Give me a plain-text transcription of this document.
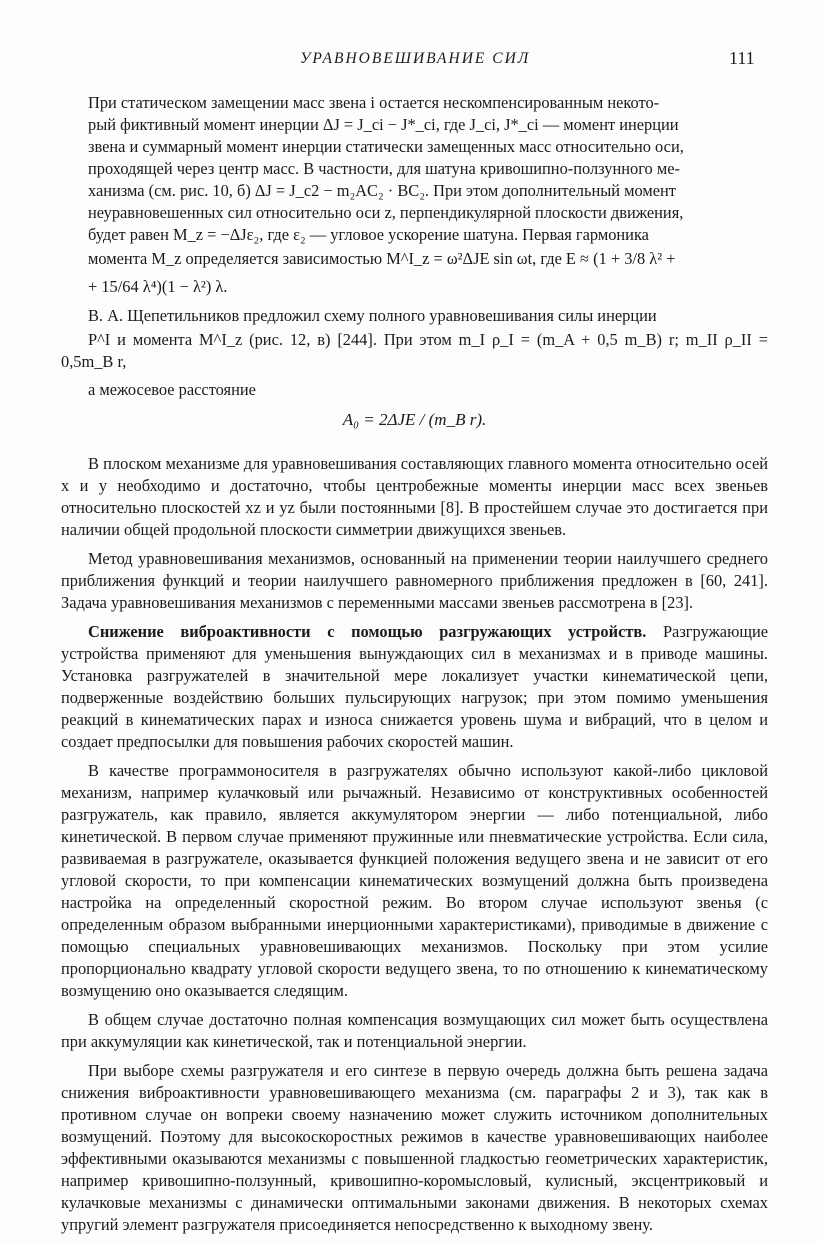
УРАВНОВЕШИВАНИЕ СИЛ	111

При статическом замещении масс звена i остается нескомпенсированным некото-
рый фиктивный момент инерции ΔJ = J_ci − J*_ci, где J_ci, J*_ci — момент инерции
звена и суммарный момент инерции статически замещенных масс относительно оси,
проходящей через центр масс. В частности, для шатуна кривошипно-ползунного ме-
ханизма (см. рис. 10, б) ΔJ = J_c2 − m₂AC₂ · BC₂. При этом дополнительный момент
неуравновешенных сил относительно оси z, перпендикулярной плоскости движения,
будет равен M_z = −ΔJε₂, где ε₂ — угловое ускорение шатуна. Первая гармоника
момента M_z определяется зависимостью M^I_z = ω²ΔJE sin ωt, где E ≈ (1 + 3/8 λ² +
+ 15/64 λ⁴)(1 − λ²) λ.

В. А. Щепетильников предложил схему полного уравновешивания силы инерции
P^I и момента M^I_z (рис. 12, в) [244]. При этом m_I ρ_I = (m_A + 0,5 m_B) r; m_II ρ_II = 0,5m_B r,
а межосевое расстояние

A₀ = 2ΔJE / (m_B r).

В плоском механизме для уравновешивания составляющих главного момента относительно осей x и y необходимо и достаточно, чтобы центробежные моменты инерции масс всех звеньев относительно плоскостей xz и yz были постоянными [8]. В простейшем случае это достигается при наличии общей продольной плоскости симметрии движущихся звеньев.

Метод уравновешивания механизмов, основанный на применении теории наилучшего среднего приближения функций и теории наилучшего равномерного приближения предложен в [60, 241]. Задача уравновешивания механизмов с переменными массами звеньев рассмотрена в [23].

Снижение виброактивности с помощью разгружающих устройств. Разгружающие устройства применяют для уменьшения вынуждающих сил в механизмах и в приводе машины. Установка разгружателей в значительной мере локализует участки кинематической цепи, подверженные воздействию больших пульсирующих нагрузок; при этом помимо уменьшения реакций в кинематических парах и износа снижается уровень шума и вибраций, что в целом и создает предпосылки для повышения рабочих скоростей машин.

В качестве программоносителя в разгружателях обычно используют какой-либо цикловой механизм, например кулачковый или рычажный. Независимо от конструктивных особенностей разгружатель, как правило, является аккумулятором энергии — либо потенциальной, либо кинетической. В первом случае применяют пружинные или пневматические устройства. Если сила, развиваемая в разгружателе, оказывается функцией положения ведущего звена и не зависит от его угловой скорости, то при компенсации кинематических возмущений должна быть произведена настройка на определенный скоростной режим. Во втором случае используют звенья (с определенным образом выбранными инерционными характеристиками), приводимые в движение с помощью специальных уравновешивающих механизмов. Поскольку при этом усилие пропорционально квадрату угловой скорости ведущего звена, то по отношению к кинематическому возмущению оно оказывается следящим.

В общем случае достаточно полная компенсация возмущающих сил может быть осуществлена при аккумуляции как кинетической, так и потенциальной энергии.

При выборе схемы разгружателя и его синтезе в первую очередь должна быть решена задача снижения виброактивности уравновешивающего механизма (см. параграфы 2 и 3), так как в противном случае он вопреки своему назначению может служить источником дополнительных возмущений. Поэтому для высокоскоростных режимов в качестве уравновешивающих наиболее эффективными оказываются механизмы с повышенной гладкостью геометрических характеристик, например кривошипно-ползунный, кривошипно-коромысловый, кулисный, эксцентриковый и кулачковые механизмы с динамически оптимальными законами движения. В некоторых схемах упругий элемент разгружателя присоединяется непосредственно к выходному звену.
